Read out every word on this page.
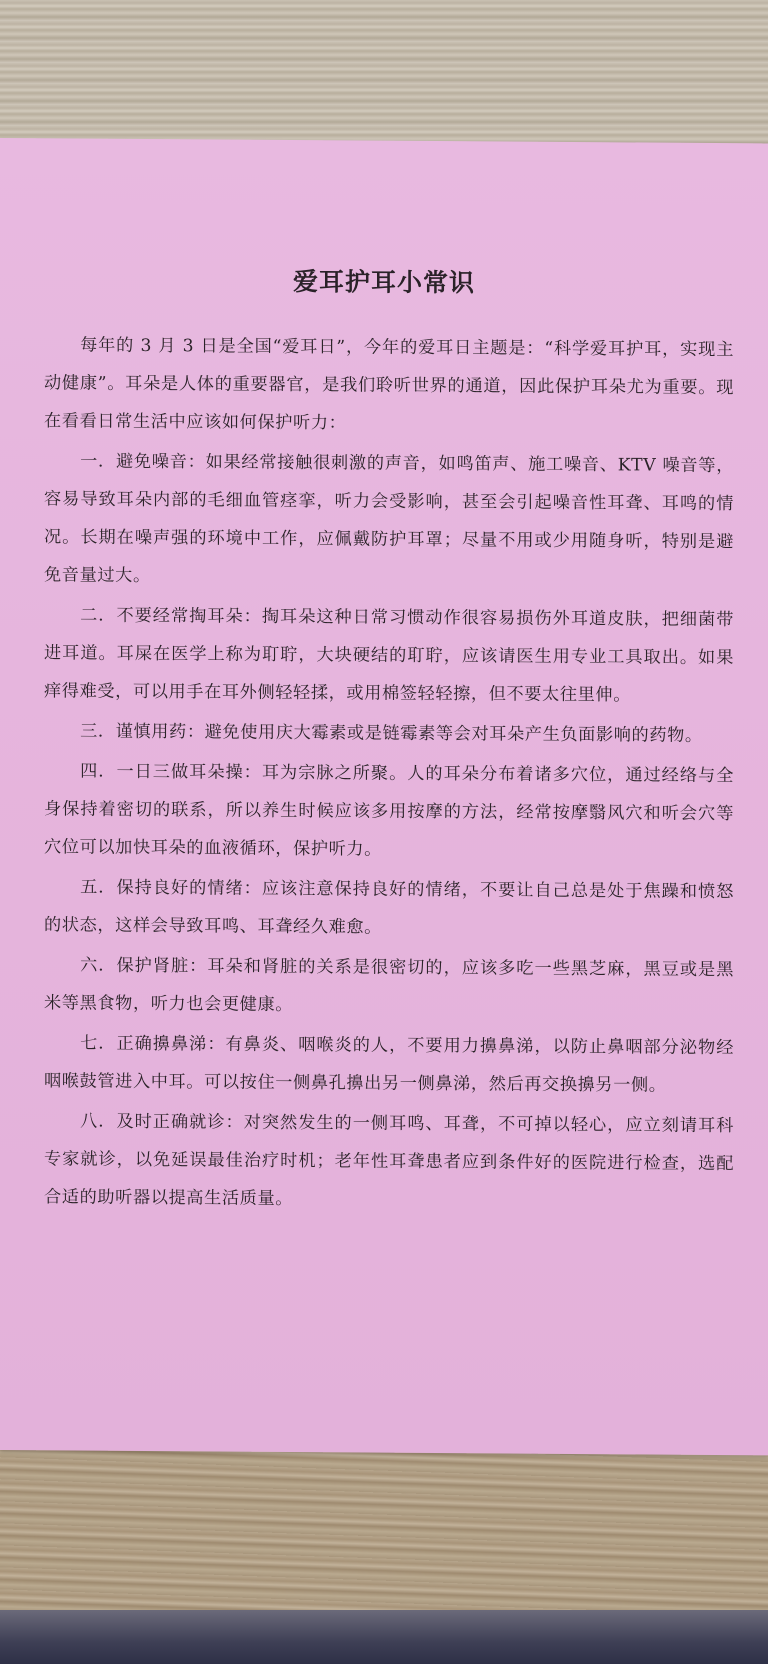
爱耳护耳小常识

每年的 3 月 3 日是全国“爱耳日”，今年的爱耳日主题是：“科学爱耳护耳，实现主动健康”。耳朵是人体的重要器官，是我们聆听世界的通道，因此保护耳朵尤为重要。现在看看日常生活中应该如何保护听力：

一．避免噪音：如果经常接触很刺激的声音，如鸣笛声、施工噪音、KTV 噪音等，容易导致耳朵内部的毛细血管痉挛，听力会受影响，甚至会引起噪音性耳聋、耳鸣的情况。长期在噪声强的环境中工作，应佩戴防护耳罩；尽量不用或少用随身听，特别是避免音量过大。

二．不要经常掏耳朵：掏耳朵这种日常习惯动作很容易损伤外耳道皮肤，把细菌带进耳道。耳屎在医学上称为耵聍，大块硬结的耵聍，应该请医生用专业工具取出。如果痒得难受，可以用手在耳外侧轻轻揉，或用棉签轻轻擦，但不要太往里伸。

三．谨慎用药：避免使用庆大霉素或是链霉素等会对耳朵产生负面影响的药物。

四．一日三做耳朵操：耳为宗脉之所聚。人的耳朵分布着诸多穴位，通过经络与全身保持着密切的联系，所以养生时候应该多用按摩的方法，经常按摩翳风穴和听会穴等穴位可以加快耳朵的血液循环，保护听力。

五．保持良好的情绪：应该注意保持良好的情绪，不要让自己总是处于焦躁和愤怒的状态，这样会导致耳鸣、耳聋经久难愈。

六．保护肾脏：耳朵和肾脏的关系是很密切的，应该多吃一些黑芝麻，黑豆或是黑米等黑食物，听力也会更健康。

七．正确擤鼻涕：有鼻炎、咽喉炎的人，不要用力擤鼻涕，以防止鼻咽部分泌物经咽喉鼓管进入中耳。可以按住一侧鼻孔擤出另一侧鼻涕，然后再交换擤另一侧。

八．及时正确就诊：对突然发生的一侧耳鸣、耳聋，不可掉以轻心，应立刻请耳科专家就诊，以免延误最佳治疗时机；老年性耳聋患者应到条件好的医院进行检查，选配合适的助听器以提高生活质量。
